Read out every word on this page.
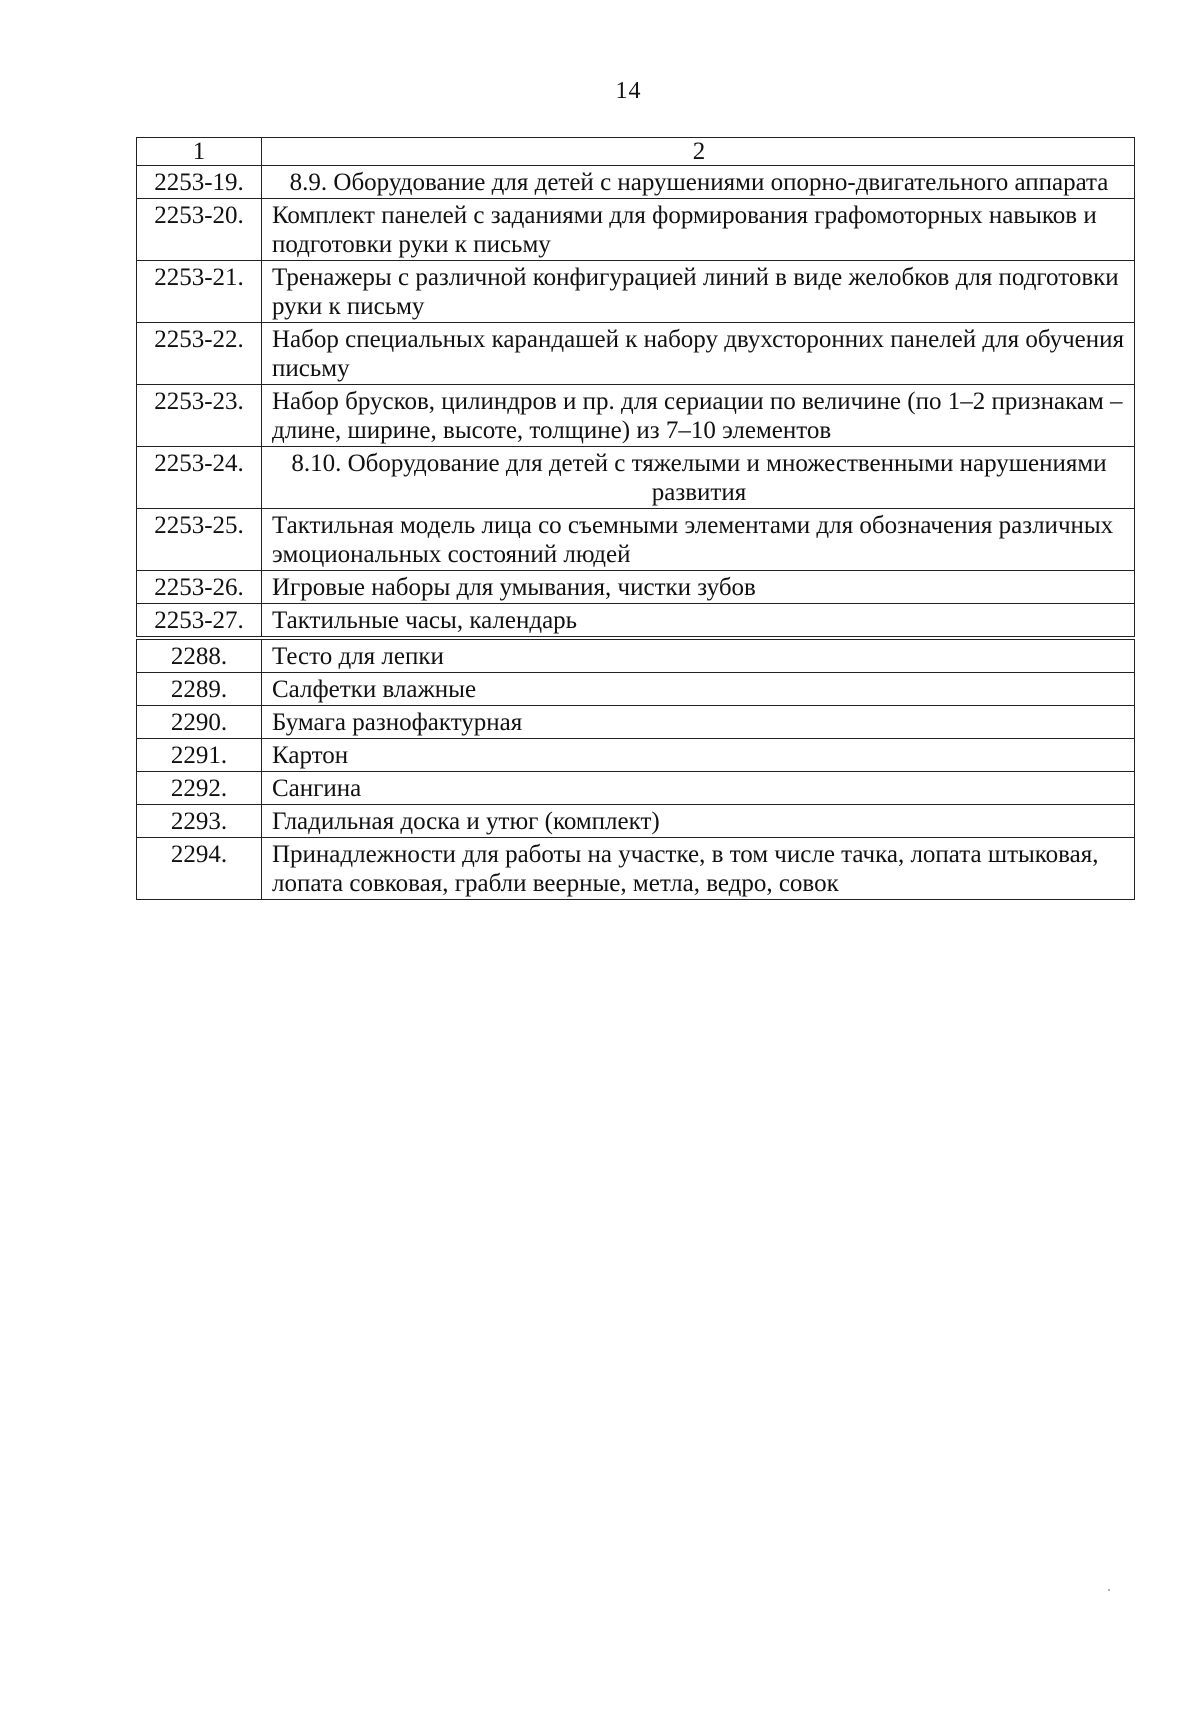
14
1	2
2253-19.	8.9. Оборудование для детей с нарушениями опорно-двигательного аппарата
2253-20.	Комплект панелей с заданиями для формирования графомоторных навыков и подготовки руки к письму
2253-21.	Тренажеры с различной конфигурацией линий в виде желобков для подготовки руки к письму
2253-22.	Набор специальных карандашей к набору двухсторонних панелей для обучения письму
2253-23.	Набор брусков, цилиндров и пр. для сериации по величине (по 1–2 признакам – длине, ширине, высоте, толщине) из 7–10 элементов
2253-24.	8.10. Оборудование для детей с тяжелыми и множественными нарушениями развития
2253-25.	Тактильная модель лица со съемными элементами для обозначения различных эмоциональных состояний людей
2253-26.	Игровые наборы для умывания, чистки зубов
2253-27.	Тактильные часы, календарь
2288.	Тесто для лепки
2289.	Салфетки влажные
2290.	Бумага разнофактурная
2291.	Картон
2292.	Сангина
2293.	Гладильная доска и утюг (комплект)
2294.	Принадлежности для работы на участке, в том числе тачка, лопата штыковая, лопата совковая, грабли веерные, метла, ведро, совок
